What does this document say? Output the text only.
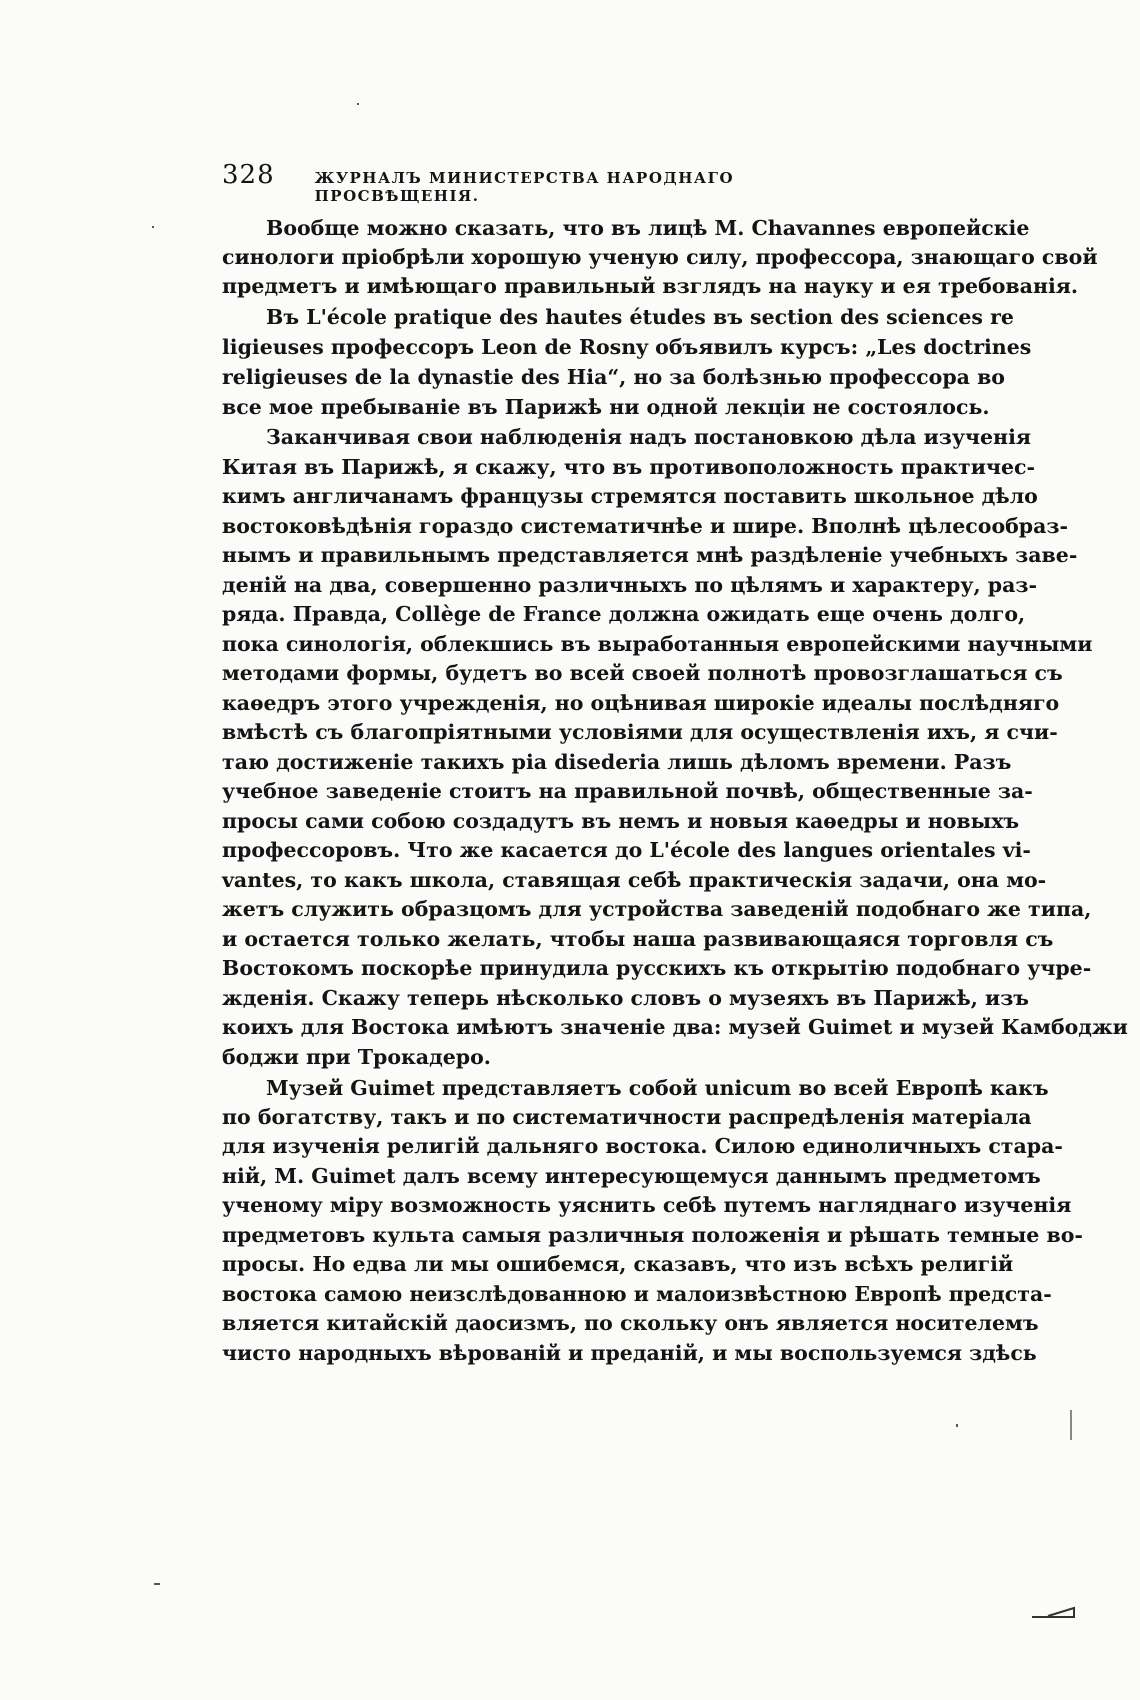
328	ЖУРНАЛЪ МИНИСТЕРСТВА НАРОДНАГО ПРОСВѢЩЕНІЯ.
Вообще можно сказать, что въ лицѣ M. Chavannes европейскіе
синологи пріобрѣли хорошую ученую силу, профессора, знающаго свой
предметъ и имѣющаго правильный взглядъ на науку и ея требованія.
Въ L'école pratique des hautes études въ section des sciences re
ligieuses профессоръ Leon de Rosny объявилъ курсъ: „Les doctrines
religieuses de la dynastie des Hia“, но за болѣзнью профессора во
все мое пребываніе въ Парижѣ ни одной лекціи не состоялось.
Заканчивая свои наблюденія надъ постановкою дѣла изученія
Китая въ Парижѣ, я скажу, что въ противоположность практичес-
кимъ англичанамъ французы стремятся поставить школьное дѣло
востоковѣдѣнія гораздо систематичнѣе и шире. Вполнѣ цѣлесообраз-
нымъ и правильнымъ представляется мнѣ раздѣленіе учебныхъ заве-
деній на два, совершенно различныхъ по цѣлямъ и характеру, раз-
ряда. Правда, Collège de France должна ожидать еще очень долго,
пока синологія, облекшись въ выработанныя европейскими научными
методами формы, будетъ во всей своей полнотѣ провозглашаться съ
каѳедръ этого учрежденія, но оцѣнивая широкіе идеалы послѣдняго
вмѣстѣ съ благопріятными условіями для осуществленія ихъ, я счи-
таю достиженіе такихъ pia disederia лишь дѣломъ времени. Разъ
учебное заведеніе стоитъ на правильной почвѣ, общественные за-
просы сами собою создадутъ въ немъ и новыя каѳедры и новыхъ
профессоровъ. Что же касается до L'école des langues orientales vi-
vantes, то какъ школа, ставящая себѣ практическія задачи, она мо-
жетъ служить образцомъ для устройства заведеній подобнаго же типа,
и остается только желать, чтобы наша развивающаяся торговля съ
Востокомъ поскорѣе принудила русскихъ къ открытію подобнаго учре-
жденія. Скажу теперь нѣсколько словъ о музеяхъ въ Парижѣ, изъ
коихъ для Востока имѣютъ значеніе два: музей Guimet и музей Камбоджи
боджи при Трокадеро.
Музей Guimet представляетъ собой unicum во всей Европѣ какъ
по богатству, такъ и по систематичности распредѣленія матеріала
для изученія религій дальняго востока. Силою единоличныхъ стара-
ній, M. Guimet далъ всему интересующемуся даннымъ предметомъ
ученому міру возможность уяснить себѣ путемъ нагляднаго изученія
предметовъ культа самыя различныя положенія и рѣшать темные во-
просы. Но едва ли мы ошибемся, сказавъ, что изъ всѣхъ религій
востока самою неизслѣдованною и малоизвѣстною Европѣ предста-
вляется китайскій даосизмъ, по скольку онъ является носителемъ
чисто народныхъ вѣрованій и преданій, и мы воспользуемся здѣсь
